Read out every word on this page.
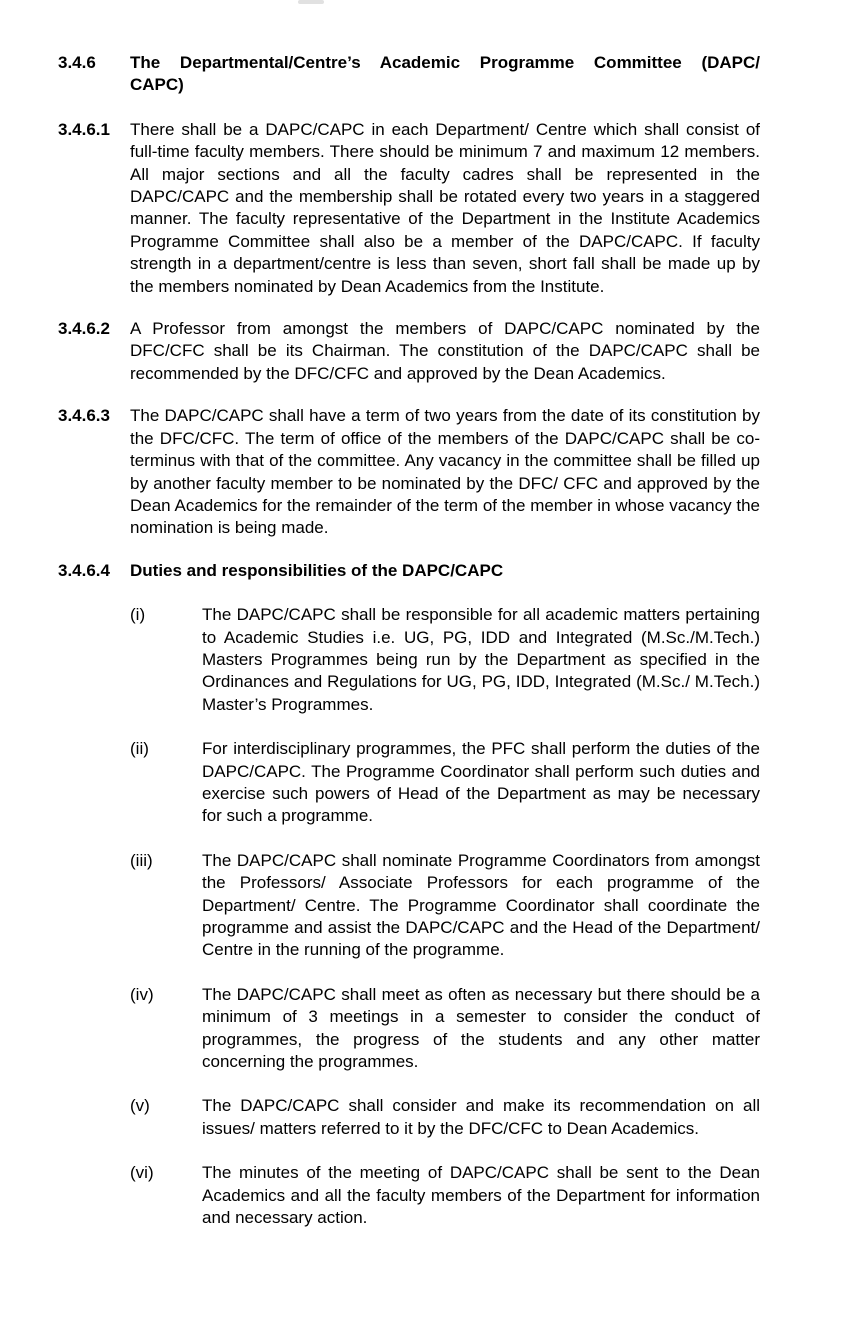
3.4.6	The Departmental/Centre’s Academic Programme Committee (DAPC/
CAPC)
3.4.6.1	There shall be a DAPC/CAPC in each Department/ Centre which shall consist of full-time faculty members. There should be minimum 7 and maximum 12 members. All major sections and all the faculty cadres shall be represented in the DAPC/CAPC and the membership shall be rotated every two years in a staggered manner. The faculty representative of the Department in the Institute Academics Programme Committee shall also be a member of the DAPC/CAPC. If faculty strength in a department/centre is less than seven, short fall shall be made up by the members nominated by Dean Academics from the Institute.
3.4.6.2	A Professor from amongst the members of DAPC/CAPC nominated by the DFC/CFC shall be its Chairman. The constitution of the DAPC/CAPC shall be recommended by the DFC/CFC and approved by the Dean Academics.
3.4.6.3	The DAPC/CAPC shall have a term of two years from the date of its constitution by the DFC/CFC. The term of office of the members of the DAPC/CAPC shall be co-terminus with that of the committee. Any vacancy in the committee shall be filled up by another faculty member to be nominated by the DFC/ CFC and approved by the Dean Academics for the remainder of the term of the member in whose vacancy the nomination is being made.
3.4.6.4	Duties and responsibilities of the DAPC/CAPC
(i)	The DAPC/CAPC shall be responsible for all academic matters pertaining to Academic Studies i.e. UG, PG, IDD and Integrated (M.Sc./M.Tech.) Masters Programmes being run by the Department as specified in the Ordinances and Regulations for UG, PG, IDD, Integrated (M.Sc./ M.Tech.) Master’s Programmes.
(ii)	For interdisciplinary programmes, the PFC shall perform the duties of the DAPC/CAPC. The Programme Coordinator shall perform such duties and exercise such powers of Head of the Department as may be necessary for such a programme.
(iii)	The DAPC/CAPC shall nominate Programme Coordinators from amongst the Professors/ Associate Professors for each programme of the Department/ Centre. The Programme Coordinator shall coordinate the programme and assist the DAPC/CAPC and the Head of the Department/ Centre in the running of the programme.
(iv)	The DAPC/CAPC shall meet as often as necessary but there should be a minimum of 3 meetings in a semester to consider the conduct of programmes, the progress of the students and any other matter concerning the programmes.
(v)	The DAPC/CAPC shall consider and make its recommendation on all issues/ matters referred to it by the DFC/CFC to Dean Academics.
(vi)	The minutes of the meeting of DAPC/CAPC shall be sent to the Dean Academics and all the faculty members of the Department for information and necessary action.
